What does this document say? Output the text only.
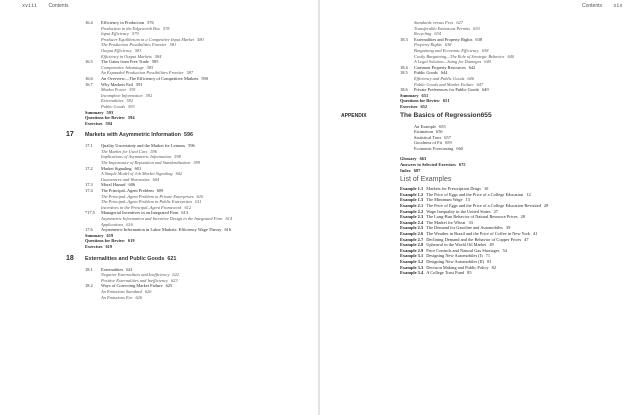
xviii Contents
16.4 Efficiency in Production 576
Production in the Edgeworth Box 578
Input Efficiency 579
Producer Equilibrium in a Competitive Input Market 580
The Production Possibilities Frontier 581
Output Efficiency 583
Efficiency in Output Markets 584
16.5 The Gains from Free Trade 585
Comparative Advantage 585
An Expanded Production Possibilities Frontier 587
16.6 An Overview—The Efficiency of Competitive Markets 590
16.7 Why Markets Fail 591
Market Power 591
Incomplete Information 592
Externalities 592
Public Goods 593
Summary 593
Questions for Review 594
Exercises 594
17 Markets with Asymmetric Information 596
17.1 Quality Uncertainty and the Market for Lemons 596
The Market for Used Cars 596
Implications of Asymmetric Information 598
The Importance of Reputation and Standardization 599
17.2 Market Signaling 601
A Simple Model of Job Market Signaling 602
Guarantees and Warranties 604
17.3 Moral Hazard 606
17.4 The Principal–Agent Problem 609
The Principal–Agent Problem in Private Enterprises 610
The Principal–Agent Problem in Public Enterprises 611
Incentives in the Principal–Agent Framework 612
*17.5 Managerial Incentives in an Integrated Firm 613
Asymmetric Information and Incentive Design in the Integrated Firm 614
Applications 616
17.6 Asymmetric Information in Labor Markets: Efficiency Wage Theory 616
Summary 619
Questions for Review 619
Exercises 619
18 Externalities and Public Goods 621
18.1 Externalities 621
Negative Externalities and Inefficiency 622
Positive Externalities and Inefficiency 623
18.2 Ways of Correcting Market Failure 625
An Emissions Standard 626
An Emissions Fee 626
Contents xix
Standards versus Fees 627
Transferable Emissions Permits 630
Recycling 634
18.3 Externalities and Property Rights 638
Property Rights 638
Bargaining and Economic Efficiency 638
Costly Bargaining—The Role of Strategic Behavior 640
A Legal Solution—Suing for Damages 640
18.4 Common Property Resources 642
18.5 Public Goods 644
Efficiency and Public Goods 646
Public Goods and Market Failure 647
18.6 Private Preferences for Public Goods 649
Summary 651
Questions for Review 651
Exercises 652
APPENDIX	The Basics of Regression655
An Example 655
Estimation 656
Statistical Tests 657
Goodness of Fit 659
Economic Forecasting 660
Glossary 663
Answers to Selected Exercises 675
Index 687
List of Examples
Example 1.1 Markets for Prescription Drugs 10
Example 1.2 The Price of Eggs and the Price of a College Education 12
Example 1.3 The Minimum Wage 13
Example 2.1 The Price of Eggs and the Price of a College Education Revisited 28
Example 2.2 Wage Inequality in the United States 27
Example 2.3 The Long-Run Behavior of Natural Resource Prices 28
Example 2.4 The Market for Wheat 33
Example 2.5 The Demand for Gasoline and Automobiles 39
Example 2.6 The Weather in Brazil and the Price of Coffee in New York 41
Example 2.7 Declining Demand and the Behavior of Copper Prices 47
Example 2.8 Upheaval in the World Oil Market 49
Example 2.9 Price Controls and Natural Gas Shortages 54
Example 3.1 Designing New Automobiles (I) 71
Example 3.2 Designing New Automobiles (II) 81
Example 3.3 Decision Making and Public Policy 82
Example 3.4 A College Trust Fund 85
